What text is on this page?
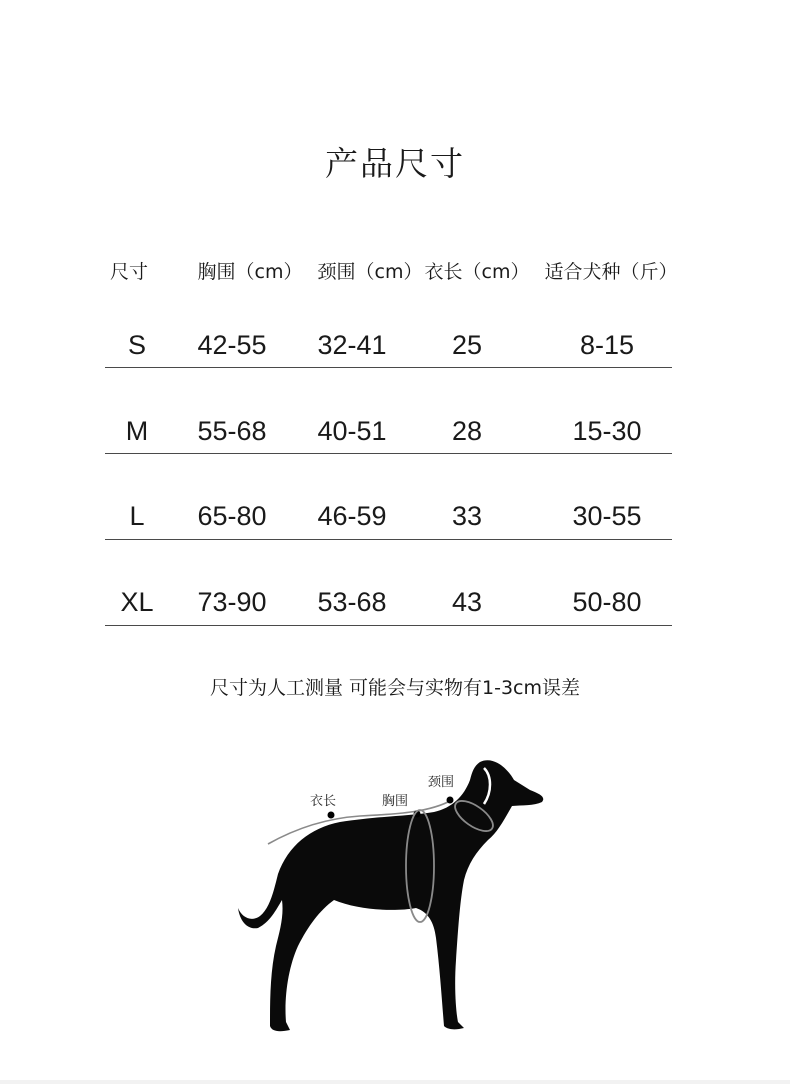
产品尺寸
尺寸	胸围（cm） 颈围（cm） 衣长（cm） 适合犬种（斤）
S 42-55 32-41 25	8-15
M 55-68 40-51 28	15-30
L 65-80 46-59 33	30-55
XL 73-90 53-68 43	50-80
尺寸为人工测量 可能会与实物有1-3cm误差
衣长	胸围
颈围
